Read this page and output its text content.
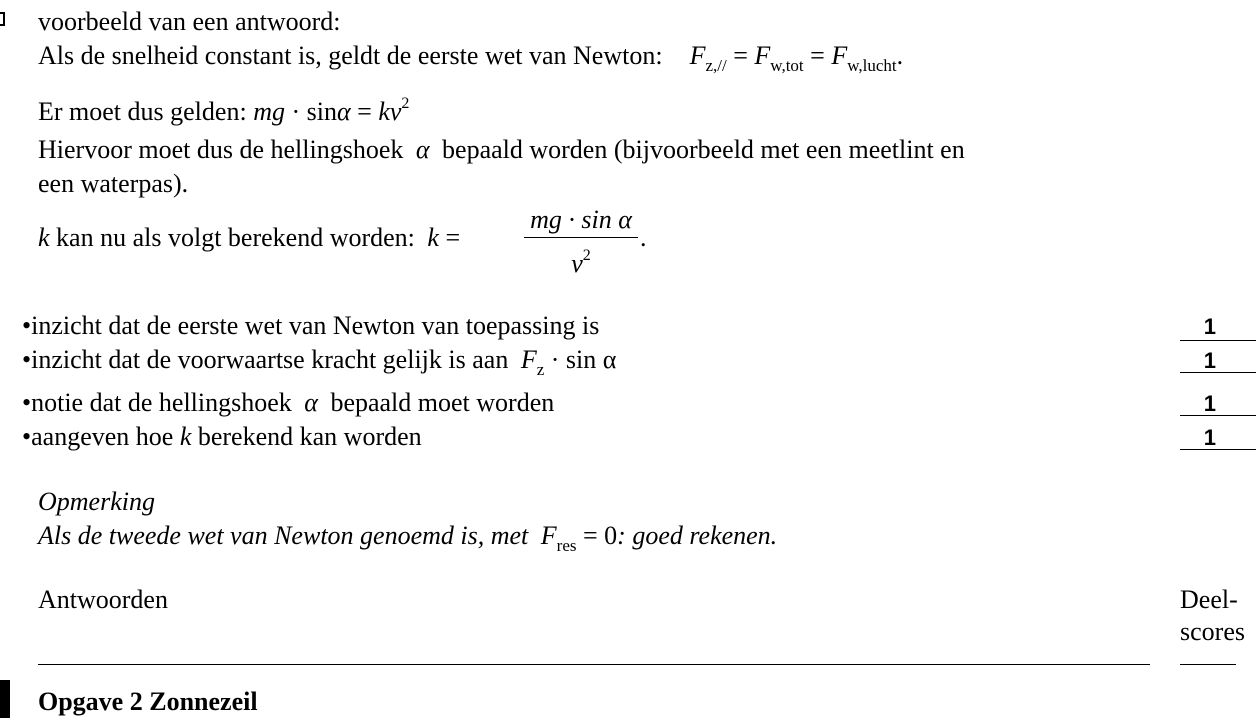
voorbeeld van een antwoord:
Als de snelheid constant is, geldt de eerste wet van Newton: $F_{z,//} = F_{w,tot} = F_{w,lucht}$.
Er moet dus gelden: mg · $\sin\alpha = kv^2$
Hiervoor moet dus de hellingshoek α bepaald worden (bijvoorbeeld met een meetlint en
een waterpas).
k kan nu als volgt berekend worden: k =
mg · sin α
$v^2$
.
•inzicht dat de eerste wet van Newton van toepassing is
•inzicht dat de voorwaartse kracht gelijk is aan $F_z \cdot \sin \alpha$
•notie dat de hellingshoek α bepaald moet worden
•aangeven hoe k berekend kan worden
1
1
1
1
Opmerking
Als de tweede wet van Newton genoemd is, met $F_{res} = 0$: goed rekenen.
Antwoorden	Deel-
scores
Opgave 2 Zonnezeil
